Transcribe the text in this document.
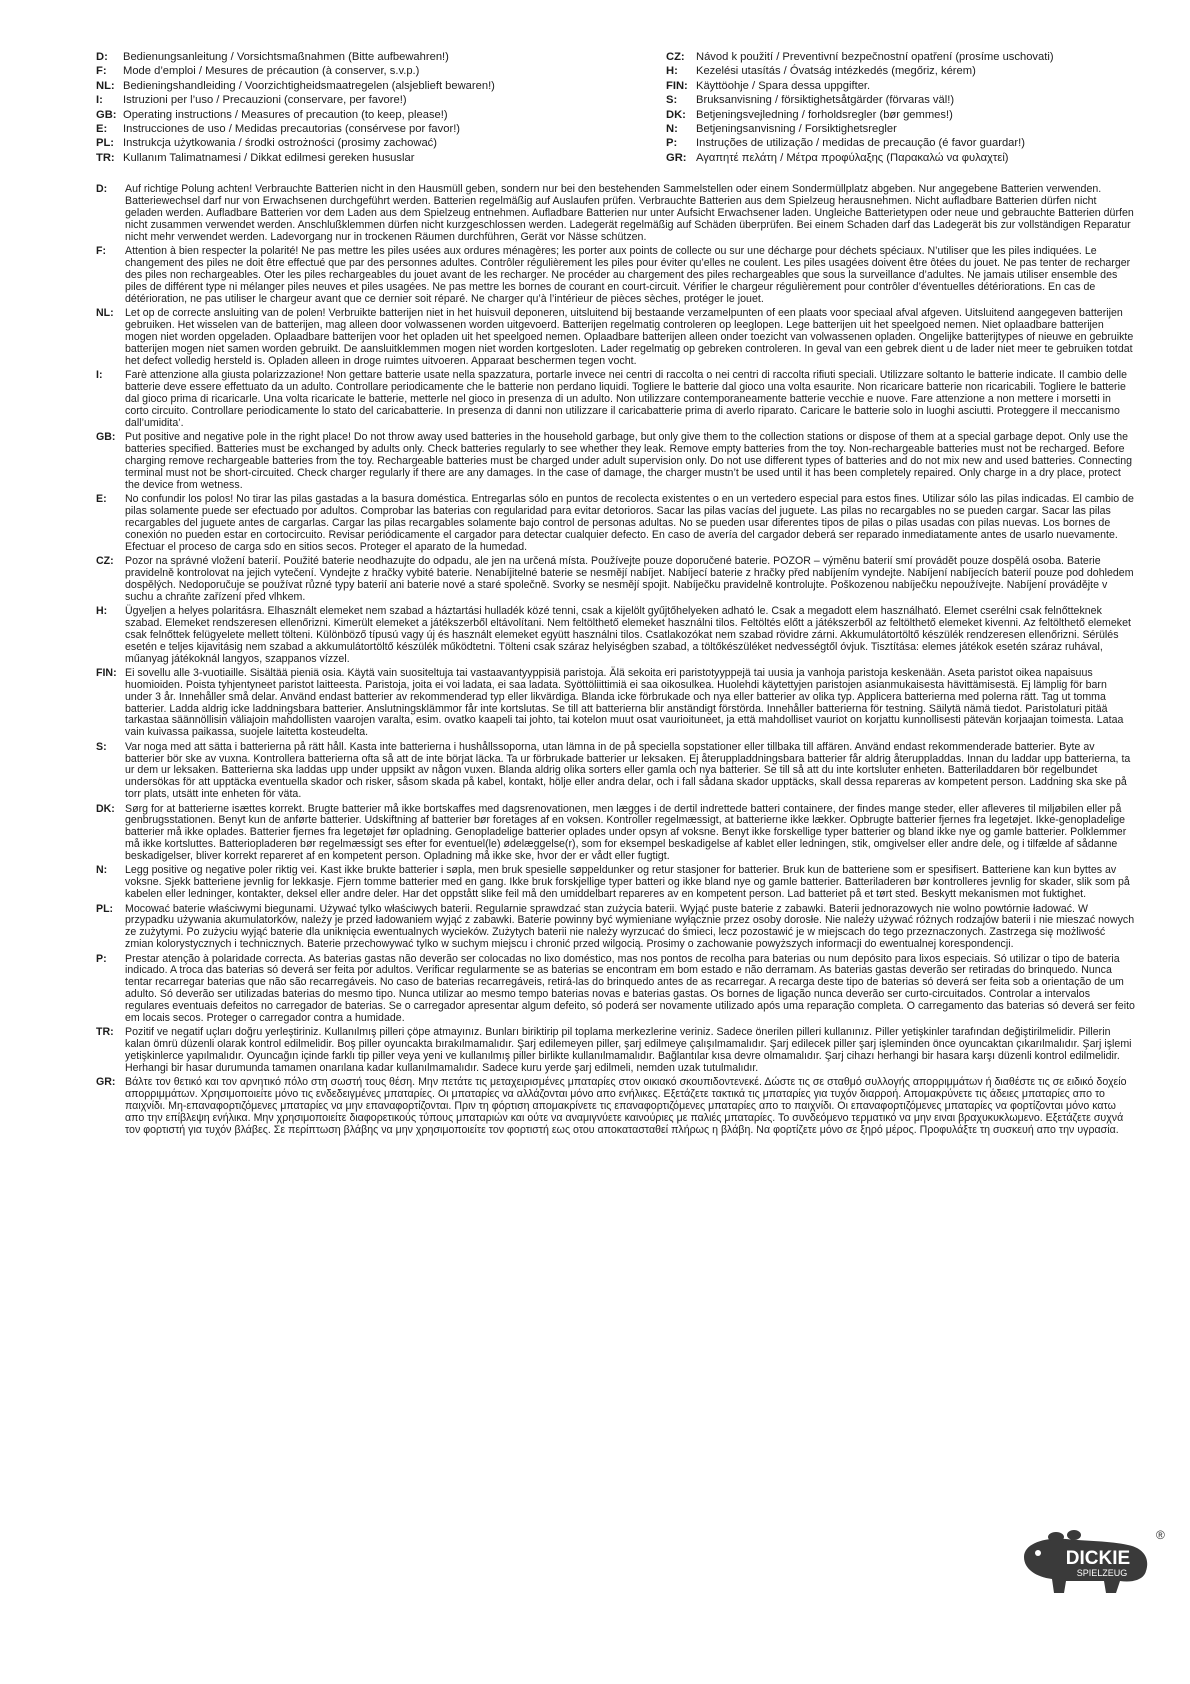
D:	Bedienungsanleitung / Vorsichtsmaßnahmen (Bitte aufbewahren!)
F:	Mode d’emploi / Mesures de précaution (à conserver, s.v.p.)
NL: Bedieningshandleiding / Voorzichtigheidsmaatregelen (alsjeblieft bewaren!)
I:	Istruzioni per l’uso / Precauzioni (conservare, per favore!)
GB: Operating instructions / Measures of precaution (to keep, please!)
E:	Instrucciones de uso / Medidas precautorias (consérvese por favor!)
PL: Instrukcja użytkowania / środki ostrożności (prosimy zachować)
TR: Kullanım Talimatnamesi / Dikkat edilmesi gereken hususlar
CZ:	Návod k použití / Preventivní bezpečnostní opatření (prosíme uschovati)
H:	Kezelési utasítás / Óvatság intézkedés (megőriz, kérem)
FIN: Käyttöohje / Spara dessa uppgifter.
S:	Bruksanvisning / försiktighetsåtgärder (förvaras väl!)
DK: Betjeningsvejledning / forholdsregler (bør gemmes!)
N:	Betjeningsanvisning / Forsiktighetsregler
P:	Instruções de utilização / medidas de precaução (é favor guardar!)
GR: Αγαπητέ πελάτη / Μέτρα προφύλαξης (Παρακαλώ να φυλαχτεί)
D:	Auf richtige Polung achten! Verbrauchte Batterien nicht in den Hausmüll geben, sondern nur bei den bestehenden Sammelstellen oder einem Sondermüllplatz abgeben. Nur angegebene Batterien verwenden. Batteriewechsel darf nur von Erwachsenen durchgeführt werden. Batterien regelmäßig auf Auslaufen prüfen. Verbrauchte Batterien aus dem Spielzeug herausnehmen. Nicht aufladbare Batterien dürfen nicht geladen werden. Aufladbare Batterien vor dem Laden aus dem Spielzeug entnehmen. Aufladbare Batterien nur unter Aufsicht Erwachsener laden. Ungleiche Batterietypen oder neue und gebrauchte Batterien dürfen nicht zusammen verwendet werden. Anschlußklemmen dürfen nicht kurzgeschlossen werden. Ladegerät regelmäßig auf Schäden überprüfen. Bei einem Schaden darf das Ladegerät bis zur vollständigen Reparatur nicht mehr verwendet werden. Ladevorgang nur in trockenen Räumen durchführen, Gerät vor Nässe schützen.
F:	Attention à bien respecter la polarité! Ne pas mettre les piles usées aux ordures ménagères; les porter aux points de collecte ou sur une décharge pour déchets spéciaux. N’utiliser que les piles indiquées. Le changement des piles ne doit être effectué que par des personnes adultes. Contrôler régulièrement les piles pour éviter qu’elles ne coulent. Les piles usagées doivent être ôtées du jouet. Ne pas tenter de recharger des piles non rechargeables. Oter les piles rechargeables du jouet avant de les recharger. Ne procéder au chargement des piles rechargeables que sous la surveillance d’adultes. Ne jamais utiliser ensemble des piles de différent type ni mélanger piles neuves et piles usagées. Ne pas mettre les bornes de courant en court-circuit. Vérifier le chargeur régulièrement pour contrôler d’éventuelles détériorations. En cas de détérioration, ne pas utiliser le chargeur avant que ce dernier soit réparé. Ne charger qu’à l’intérieur de pièces sèches, protéger le jouet.
NL:	Let op de correcte ansluiting van de polen! Verbruikte batterijen niet in het huisvuil deponeren, uitsluitend bij bestaande verzamelpunten of een plaats voor speciaal afval afgeven. Uitsluitend aangegeven batterijen gebruiken. Het wisselen van de batterijen, mag alleen door volwassenen worden uitgevoerd. Batterijen regelmatig controleren op leeglopen. Lege batterijen uit het speelgoed nemen. Niet oplaadbare batterijen mogen niet worden opgeladen. Oplaadbare batterijen voor het opladen uit het speelgoed nemen. Oplaadbare batterijen alleen onder toezicht van volwassenen opladen. Ongelijke batterijtypes of nieuwe en gebruikte batterijen mogen niet samen worden gebruikt. De aansluitklemmen mogen niet worden kortgesloten. Lader regelmatig op gebreken controleren. In geval van een gebrek dient u de lader niet meer te gebruiken totdat het defect volledig hersteld is. Opladen alleen in droge ruimtes uitvoeren. Apparaat beschermen tegen vocht.
I:	Farè attenzione alla giusta polarizzazione! Non gettare batterie usate nella spazzatura, portarle invece nei centri di raccolta o nei centri di raccolta rifiuti speciali. Utilizzare soltanto le batterie indicate. Il cambio delle batterie deve essere effettuato da un adulto. Controllare periodicamente che le batterie non perdano liquidi. Togliere le batterie dal gioco una volta esaurite. Non ricaricare batterie non ricaricabili. Togliere le batterie dal gioco prima di ricaricarle. Una volta ricaricate le batterie, metterle nel gioco in presenza di un adulto. Non utilizzare contemporaneamente batterie vecchie e nuove. Fare attenzione a non mettere i morsetti in corto circuito. Controllare periodicamente lo stato del caricabatterie. In presenza di danni non utilizzare il caricabatterie prima di averlo riparato. Caricare le batterie solo in luoghi asciutti. Proteggere il meccanismo dall’umidita’.
GB: Put positive and negative pole in the right place! Do not throw away used batteries in the household garbage, but only give them to the collection stations or dispose of them at a special garbage depot. Only use the batteries specified. Batteries must be exchanged by adults only. Check batteries regularly to see whether they leak. Remove empty batteries from the toy. Non-rechargeable batteries must not be recharged. Before charging remove rechargeable batteries from the toy. Rechargeable batteries must be charged under adult supervision only. Do not use different types of batteries and do not mix new and used batteries. Connecting terminal must not be short-circuited. Check charger regularly if there are any damages. In the case of damage, the charger mustn’t be used until it has been completely repaired. Only charge in a dry place, protect the device from wetness.
E:	No confundir los polos! No tirar las pilas gastadas a la basura doméstica. Entregarlas sólo en puntos de recolecta existentes o en un vertedero especial para estos fines. Utilizar sólo las pilas indicadas. El cambio de pilas solamente puede ser efectuado por adultos. Comprobar las baterias con regularidad para evitar detorioros. Sacar las pilas vacías del juguete. Las pilas no recargables no se pueden cargar. Sacar las pilas recargables del juguete antes de cargarlas. Cargar las pilas recargables solamente bajo control de personas adultas. No se pueden usar diferentes tipos de pilas o pilas usadas con pilas nuevas. Los bornes de conexión no pueden estar en cortocircuito. Revisar periódicamente el cargador para detectar cualquier defecto. En caso de avería del cargador deberá ser reparado inmediatamente antes de usarlo nuevamente. Efectuar el proceso de carga sdo en sitios secos. Proteger el aparato de la humedad.
CZ:	Pozor na správné vložení baterií. Použité baterie neodhazujte do odpadu, ale jen na určená místa. Používejte pouze doporučené baterie. POZOR – výměnu baterií smí provádět pouze dospělá osoba. Baterie pravidelně kontrolovat na jejich vytečení. Vyndejte z hračky vybité baterie. Nenabíjitelné baterie se nesmějí nabíjet. Nabíjecí baterie z hračky před nabíjením vyndejte. Nabíjení nabíjecích baterií pouze pod dohledem dospělých. Nedoporučuje se používat různé typy baterií ani baterie nové a staré společně. Svorky se nesmějí spojit. Nabíječku pravidelně kontrolujte. Poškozenou nabíječku nepoužívejte. Nabíjení provádějte v suchu a chraňte zařízení před vlhkem.
H:	Ügyeljen a helyes polaritásra. Elhasznált elemeket nem szabad a háztartási hulladék közé tenni, csak a kijelölt gyűjtőhelyeken adható le. Csak a megadott elem használható. Elemet cserélni csak felnőtteknek szabad. Elemeket rendszeresen ellenőrizni. Kimerült elemeket a játékszerből eltávolítani. Nem feltölthető elemeket használni tilos. Feltöltés előtt a játékszerből az feltölthető elemeket kivenni. Az feltölthető elemeket csak felnőttek felügyelete mellett tölteni. Különböző típusú vagy új és használt elemeket együtt használni tilos. Csatlakozókat nem szabad rövidre zárni. Akkumulátortöltő készülék rendzeresen ellenőrizni. Sérülés esetén e teljes kijavitásig nem szabad a akkumulátortöltő készülék működtetni. Tölteni csak száraz helyiségben szabad, a töltőkészüléket nedvességtől óvjuk. Tisztítása: elemes játékok esetén száraz ruhával, műanyag játékoknál langyos, szappanos vízzel.
FIN: Ei sovellu alle 3-vuotiaille. Sisältää pieniä osia. Käytä vain suositeltuja tai vastaavantyyppisiä paristoja. Älä sekoita eri paristotyyppejä tai uusia ja vanhoja paristoja keskenään. Aseta paristot oikea napaisuus huomioiden. Poista tyhjentyneet paristot laitteesta. Paristoja, joita ei voi ladata, ei saa ladata. Syöttöliittimiä ei saa oikosulkea. Huolehdi käytettyjen paristojen asianmukaisesta hävittämisestä. Ej lämplig för barn under 3 år. Innehåller små delar. Använd endast batterier av rekommenderad typ eller likvärdiga. Blanda icke förbrukade och nya eller batterier av olika typ. Applicera batterierna med polerna rätt. Tag ut tomma batterier. Ladda aldrig icke laddningsbara batterier. Anslutningsklämmor får inte kortslutas. Se till att batterierna blir anständigt förstörda. Innehåller batterierna för testning. Säilytä nämä tiedot. Paristolaturi pitää tarkastaa säännöllisin väliajoin mahdollisten vaarojen varalta, esim. ovatko kaapeli tai johto, tai kotelon muut osat vaurioituneet, ja että mahdolliset vauriot on korjattu kunnollisesti pätevän korjaajan toimesta. Lataa vain kuivassa paikassa, suojele laitetta kosteudelta.
S:	Var noga med att sätta i batterierna på rätt håll. Kasta inte batterierna i hushållssoporna, utan lämna in de på speciella sopstationer eller tillbaka till affären. Använd endast rekommenderade batterier. Byte av batterier bör ske av vuxna. Kontrollera batterierna ofta så att de inte börjat läcka. Ta ur förbrukade batterier ur leksaken. Ej återuppladdningsbara batterier får aldrig återuppladdas. Innan du laddar upp batterierna, ta ur dem ur leksaken. Batterierna ska laddas upp under uppsikt av någon vuxen. Blanda aldrig olika sorters eller gamla och nya batterier. Se till så att du inte kortsluter enheten. Batteriladdaren bör regelbundet undersökas för att upptäcka eventuella skador och risker, såsom skada på kabel, kontakt, hölje eller andra delar, och i fall sådana skador upptäcks, skall dessa repareras av kompetent person. Laddning ska ske på torr plats, utsätt inte enheten för väta.
DK: Sørg for at batterierne isættes korrekt. Brugte batterier må ikke bortskaffes med dagsrenovationen, men lægges i de dertil indrettede batteri containere, der findes mange steder, eller afleveres til miljøbilen eller på genbrugsstationen. Benyt kun de anførte batterier. Udskiftning af batterier bør foretages af en voksen. Kontroller regelmæssigt, at batterierne ikke lækker. Opbrugte batterier fjernes fra legetøjet. Ikke-genopladelige batterier må ikke oplades. Batterier fjernes fra legetøjet før opladning. Genopladelige batterier oplades under opsyn af voksne. Benyt ikke forskellige typer batterier og bland ikke nye og gamle batterier. Polklemmer må ikke kortsluttes. Batteriopladeren bør regelmæssigt ses efter for eventuel(le) ødelæggelse(r), som for eksempel beskadigelse af kablet eller ledningen, stik, omgivelser eller andre dele, og i tilfælde af sådanne beskadigelser, bliver korrekt repareret af en kompetent person. Opladning må ikke ske, hvor der er vådt eller fugtigt.
N:	Legg positive og negative poler riktig vei. Kast ikke brukte batterier i søpla, men bruk spesielle søppeldunker og retur stasjoner for batterier. Bruk kun de batteriene som er spesifisert. Batteriene kan kun byttes av voksne. Sjekk batteriene jevnlig for lekkasje. Fjern tomme batterier med en gang. Ikke bruk forskjellige typer batteri og ikke bland nye og gamle batterier. Batteriladeren bør kontrolleres jevnlig for skader, slik som på kabelen eller ledninger, kontakter, deksel eller andre deler. Har det oppstått slike feil må den umiddelbart repareres av en kompetent person. Lad batteriet på et tørt sted. Beskytt mekanismen mot fuktighet.
PL:	Mocować baterie właściwymi biegunami. Używać tylko właściwych baterii. Regularnie sprawdzać stan zużycia baterii. Wyjąć puste baterie z zabawki. Baterii jednorazowych nie wolno powtórnie ładować. W przypadku używania akumulatorków, należy je przed ładowaniem wyjąć z zabawki. Baterie powinny być wymieniane wyłącznie przez osoby dorosłe. Nie należy używać różnych rodzajów baterii i nie mieszać nowych ze zużytymi. Po zużyciu wyjąć baterie dla uniknięcia ewentualnych wycieków. Zużytych baterii nie należy wyrzucać do śmieci, lecz pozostawić je w miejscach do tego przeznaczonych. Zastrzega się możliwość zmian kolorystycznych i technicznych. Baterie przechowywać tylko w suchym miejscu i chronić przed wilgocią. Prosimy o zachowanie powyższych informacji do ewentualnej korespondencji.
P:	Prestar atenção à polaridade correcta. As baterias gastas não deverão ser colocadas no lixo doméstico, mas nos pontos de recolha para baterias ou num depósito para lixos especiais. Só utilizar o tipo de bateria indicado. A troca das baterias só deverá ser feita por adultos. Verificar regularmente se as baterias se encontram em bom estado e não derramam. As baterias gastas deverão ser retiradas do brinquedo. Nunca tentar recarregar baterias que não são recarregáveis. No caso de baterias recarregáveis, retirá-las do brinquedo antes de as recarregar. A recarga deste tipo de baterias só deverá ser feita sob a orientação de um adulto. Só deverão ser utilizadas baterias do mesmo tipo. Nunca utilizar ao mesmo tempo baterias novas e baterias gastas. Os bornes de ligação nunca deverão ser curto-circuitados. Controlar a intervalos regulares eventuais defeitos no carregador de baterias. Se o carregador apresentar algum defeito, só poderá ser novamente utilizado após uma reparação completa. O carregamento das baterias só deverá ser feito em locais secos. Proteger o carregador contra a humidade.
TR:	Pozitif ve negatif uçları doğru yerleştiriniz. Kullanılmış pilleri çöpe atmayınız. Bunları biriktirip pil toplama merkezlerine veriniz. Sadece önerilen pilleri kullanınız. Piller yetişkinler tarafından değiştirilmelidir. Pillerin kalan ömrü düzenli olarak kontrol edilmelidir. Boş piller oyuncakta bırakılmamalıdır. Şarj edilemeyen piller, şarj edilmeye çalışılmamalıdır. Şarj edilecek piller şarj işleminden önce oyuncaktan çıkarılmalıdır. Şarj işlemi yetişkinlerce yapılmalıdır. Oyuncağın içinde farklı tip piller veya yeni ve kullanılmış piller birlikte kullanılmamalıdır. Bağlantılar kısa devre olmamalıdır. Şarj cihazı herhangi bir hasara karşı düzenli kontrol edilmelidir. Herhangi bir hasar durumunda tamamen onarılana kadar kullanılmamalıdır. Sadece kuru yerde şarj edilmeli, nemden uzak tutulmalıdır.
GR: Βάλτε τον θετικό και τον αρνητικό πόλο στη σωστή τους θέση. Μην πετάτε τις μεταχειρισμένες μπαταρίες στον οικιακό σκουπιδοντενεκέ. Δώστε τις σε σταθμό συλλογής απορριμμάτων ή διαθέστε τις σε ειδικό δοχείο απορριμμάτων. Χρησιμοποιείτε μόνο τις ενδεδειγμένες μπαταρίες. Οι μπαταρίες να αλλάζονται μόνο απο ενήλικες. Εξετάζετε τακτικά τις μπαταρίες για τυχόν διαρροή. Απομακρύνετε τις άδειες μπαταρίες απο το παιχνίδι. Μη-επαναφορτιζόμενες μπαταρίες να μην επαναφορτίζονται. Πριν τη φόρτιση απομακρίνετε τις επαναφορτιζόμενες μπαταρίες απο το παιχνίδι. Οι επαναφορτιζόμενες μπαταρίες να φορτίζονται μόνο κατω απο την επίβλεψη ενήλικα. Μην χρησιμοποιείτε διαφορετικούς τύπους μπαταριών και ούτε να αναμιγνύετε καινούριες με παλιές μπαταρίες. Το συνδεόμενο τερματικό να μην ειναι βραχυκυκλωμενο. Εξετάζετε συχνά τον φορτιστή για τυχόν βλάβες. Σε περίπτωση βλάβης να μην χρησιμοποιείτε τον φορτιστή εως οτου αποκατασταθεί πλήρως η βλάβη. Να φορτίζετε μόνο σε ξηρό μέρος. Προφυλάξτε τη συσκευή απο την υγρασία.
DICKIE
SPIELZEUG
®
